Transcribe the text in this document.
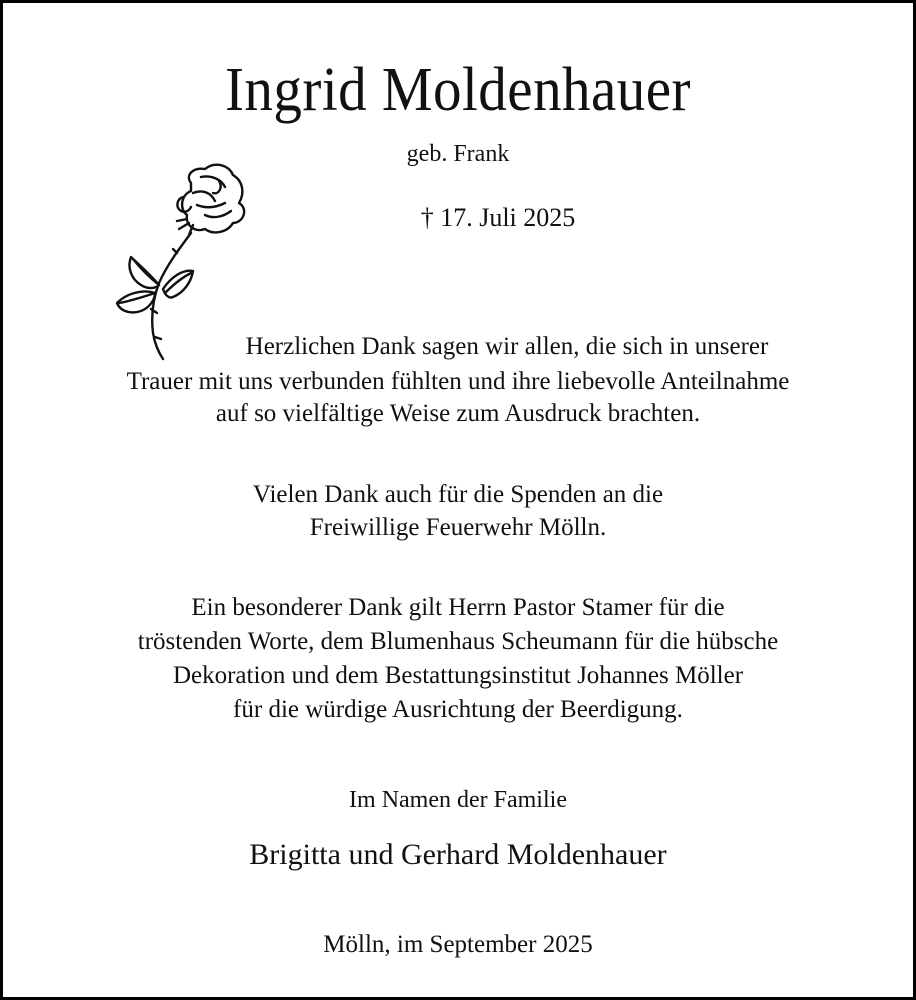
Ingrid Moldenhauer
geb. Frank
† 17. Juli 2025
Herzlichen Dank sagen wir allen, die sich in unserer
Trauer mit uns verbunden fühlten und ihre liebevolle Anteilnahme
auf so vielfältige Weise zum Ausdruck brachten.
Vielen Dank auch für die Spenden an die
Freiwillige Feuerwehr Mölln.
Ein besonderer Dank gilt Herrn Pastor Stamer für die
tröstenden Worte, dem Blumenhaus Scheumann für die hübsche
Dekoration und dem Bestattungsinstitut Johannes Möller
für die würdige Ausrichtung der Beerdigung.
Im Namen der Familie
Brigitta und Gerhard Moldenhauer
Mölln, im September 2025
